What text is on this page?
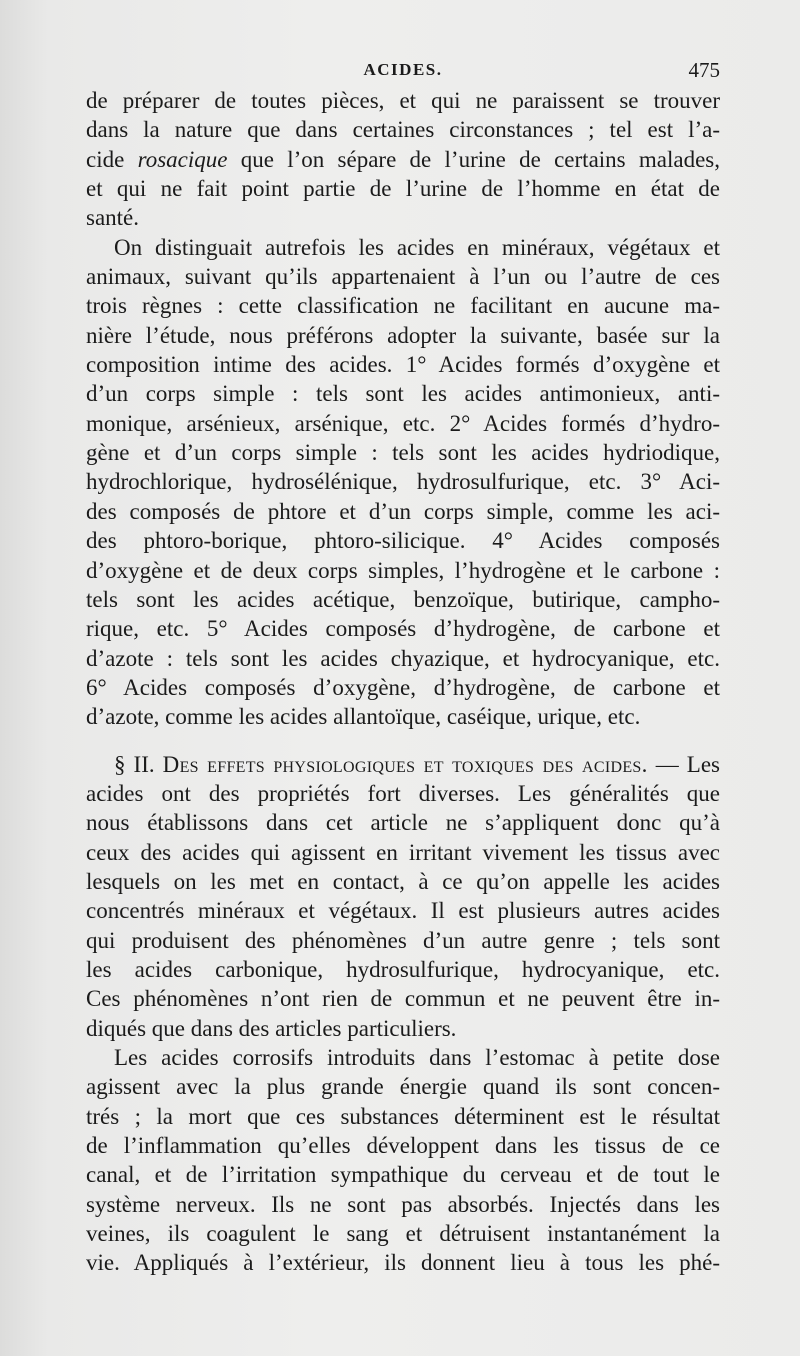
ACIDES.	475
de préparer de toutes pièces, et qui ne paraissent se trouver
dans la nature que dans certaines circonstances ; tel est l’a-
cide rosacique que l’on sépare de l’urine de certains malades,
et qui ne fait point partie de l’urine de l’homme en état de
santé.
On distinguait autrefois les acides en minéraux, végétaux et
animaux, suivant qu’ils appartenaient à l’un ou l’autre de ces
trois règnes : cette classification ne facilitant en aucune ma-
nière l’étude, nous préférons adopter la suivante, basée sur la
composition intime des acides. 1° Acides formés d’oxygène et
d’un corps simple : tels sont les acides antimonieux, anti-
monique, arsénieux, arsénique, etc. 2° Acides formés d’hydro-
gène et d’un corps simple : tels sont les acides hydriodique,
hydrochlorique, hydrosélénique, hydrosulfurique, etc. 3° Aci-
des composés de phtore et d’un corps simple, comme les aci-
des phtoro-borique, phtoro-silicique. 4° Acides composés
d’oxygène et de deux corps simples, l’hydrogène et le carbone :
tels sont les acides acétique, benzoïque, butirique, campho-
rique, etc. 5° Acides composés d’hydrogène, de carbone et
d’azote : tels sont les acides chyazique, et hydrocyanique, etc.
6° Acides composés d’oxygène, d’hydrogène, de carbone et
d’azote, comme les acides allantoïque, caséique, urique, etc.
§ II. Des effets physiologiques et toxiques des acides. — Les
acides ont des propriétés fort diverses. Les généralités que
nous établissons dans cet article ne s’appliquent donc qu’à
ceux des acides qui agissent en irritant vivement les tissus avec
lesquels on les met en contact, à ce qu’on appelle les acides
concentrés minéraux et végétaux. Il est plusieurs autres acides
qui produisent des phénomènes d’un autre genre ; tels sont
les acides carbonique, hydrosulfurique, hydrocyanique, etc.
Ces phénomènes n’ont rien de commun et ne peuvent être in-
diqués que dans des articles particuliers.
Les acides corrosifs introduits dans l’estomac à petite dose
agissent avec la plus grande énergie quand ils sont concen-
trés ; la mort que ces substances déterminent est le résultat
de l’inflammation qu’elles développent dans les tissus de ce
canal, et de l’irritation sympathique du cerveau et de tout le
système nerveux. Ils ne sont pas absorbés. Injectés dans les
veines, ils coagulent le sang et détruisent instantanément la
vie. Appliqués à l’extérieur, ils donnent lieu à tous les phé-
